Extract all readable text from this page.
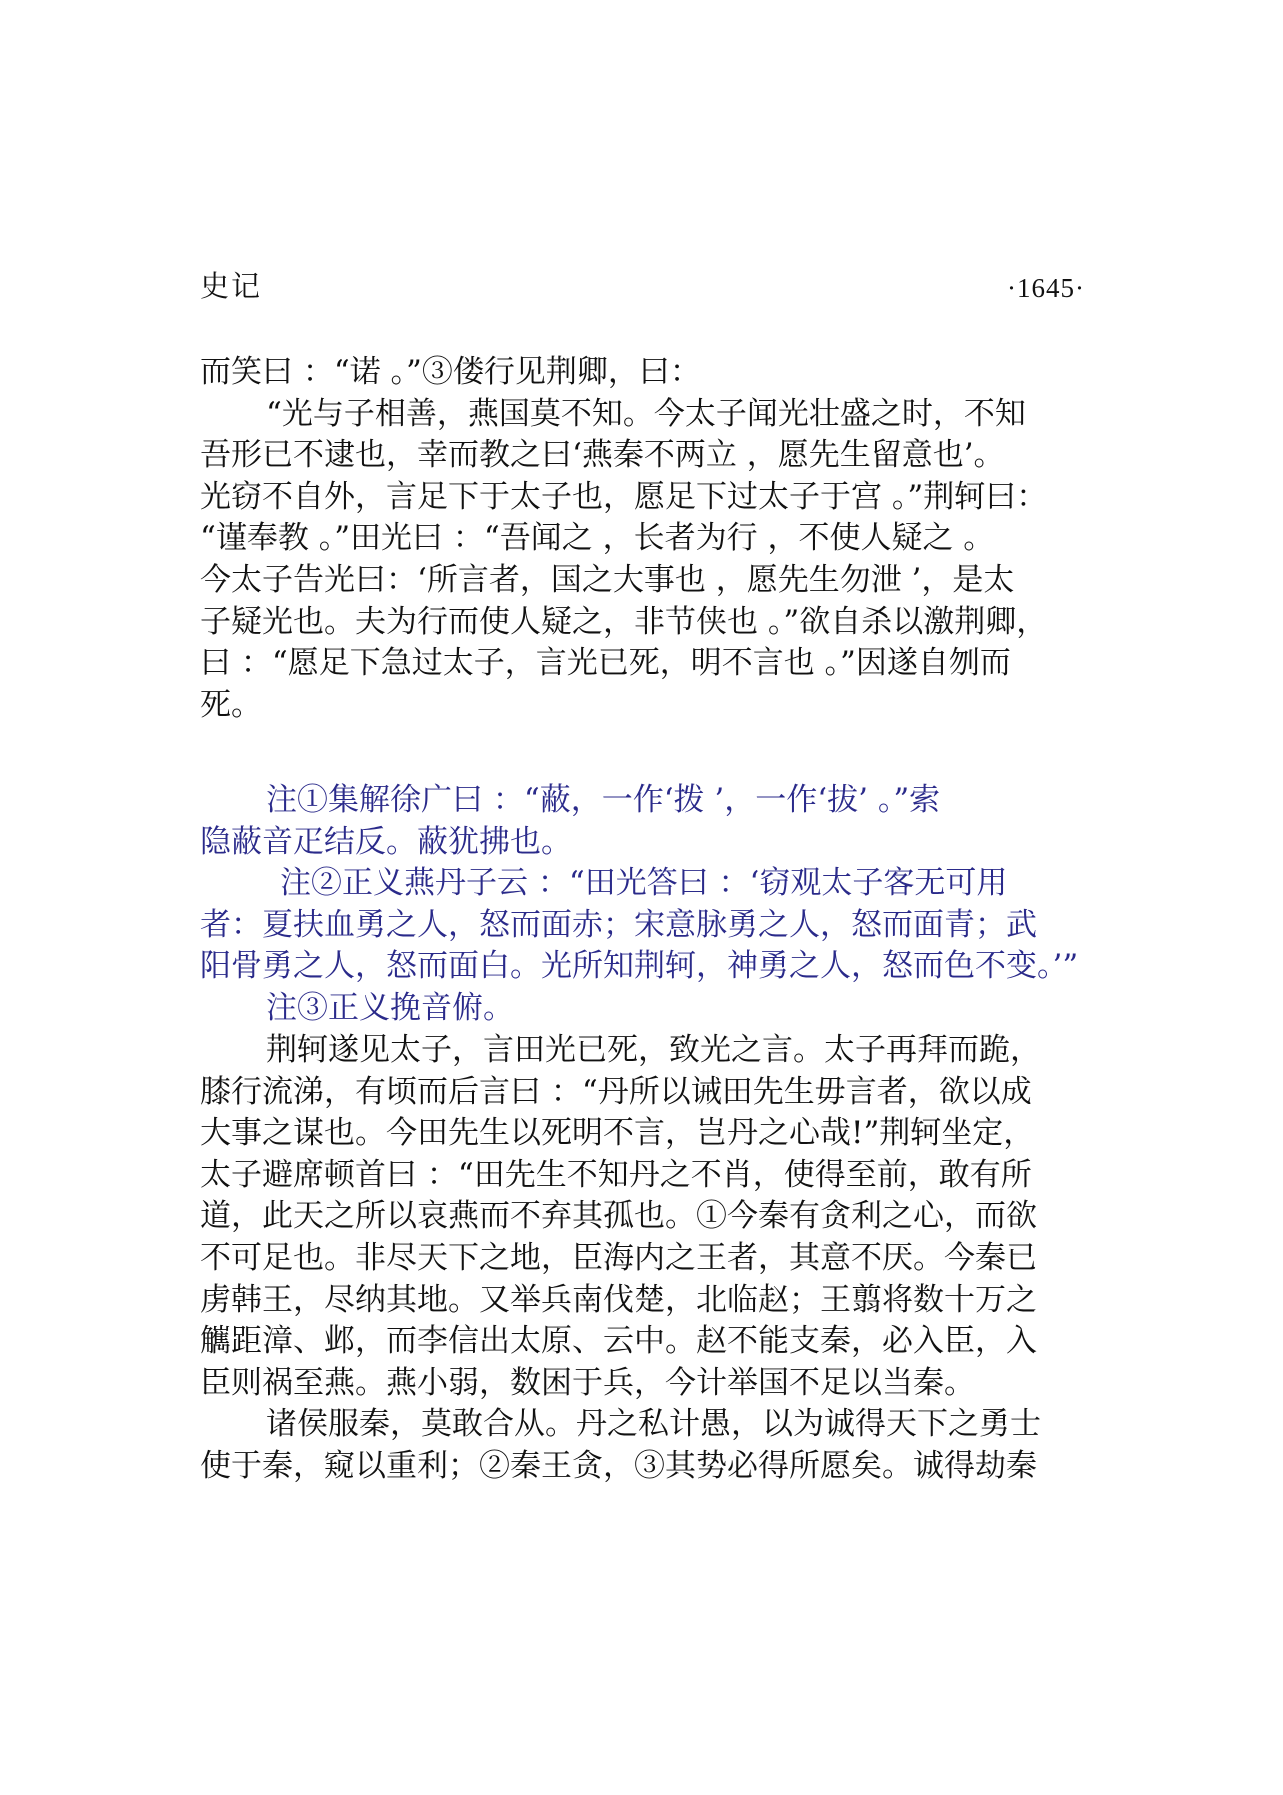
史记	·1645·
而笑曰 ：“诺 。”③偻行见荆卿，曰：
“光与子相善，燕国莫不知。今太子闻光壮盛之时，不知
吾形已不逮也，幸而教之曰‘燕秦不两立 ，愿先生留意也’。
光窃不自外，言足下于太子也，愿足下过太子于宫 。”荆轲曰：
“谨奉教 。”田光曰 ：“吾闻之 ，长者为行 ，不使人疑之 。
今太子告光曰：‘所言者，国之大事也 ，愿先生勿泄 ’，是太
子疑光也。夫为行而使人疑之，非节侠也 。”欲自杀以激荆卿，
曰 ：“愿足下急过太子，言光已死，明不言也 。”因遂自刎而
死。
注①集解徐广曰 ：“蔽，一作‘拨 ’，一作‘拔’ 。”索
隐蔽音疋结反。蔽犹拂也。
注②正义燕丹子云 ：“田光答曰 ：‘窃观太子客无可用
者：夏扶血勇之人，怒而面赤；宋意脉勇之人，怒而面青；武
阳骨勇之人，怒而面白。光所知荆轲，神勇之人，怒而色不变。’”
注③正义挽音俯。
荆轲遂见太子，言田光已死，致光之言。太子再拜而跪，
膝行流涕，有顷而后言曰 ：“丹所以诫田先生毋言者，欲以成
大事之谋也。今田先生以死明不言，岂丹之心哉!”荆轲坐定，
太子避席顿首曰 ：“田先生不知丹之不肖，使得至前，敢有所
道，此天之所以哀燕而不弃其孤也。①今秦有贪利之心，而欲
不可足也。非尽天下之地，臣海内之王者，其意不厌。今秦已
虏韩王，尽纳其地。又举兵南伐楚，北临赵；王翦将数十万之
觽距漳、邺，而李信出太原、云中。赵不能支秦，必入臣，入
臣则祸至燕。燕小弱，数困于兵，今计举国不足以当秦。
诸侯服秦，莫敢合从。丹之私计愚，以为诚得天下之勇士
使于秦，窥以重利；②秦王贪，③其势必得所愿矣。诚得劫秦
